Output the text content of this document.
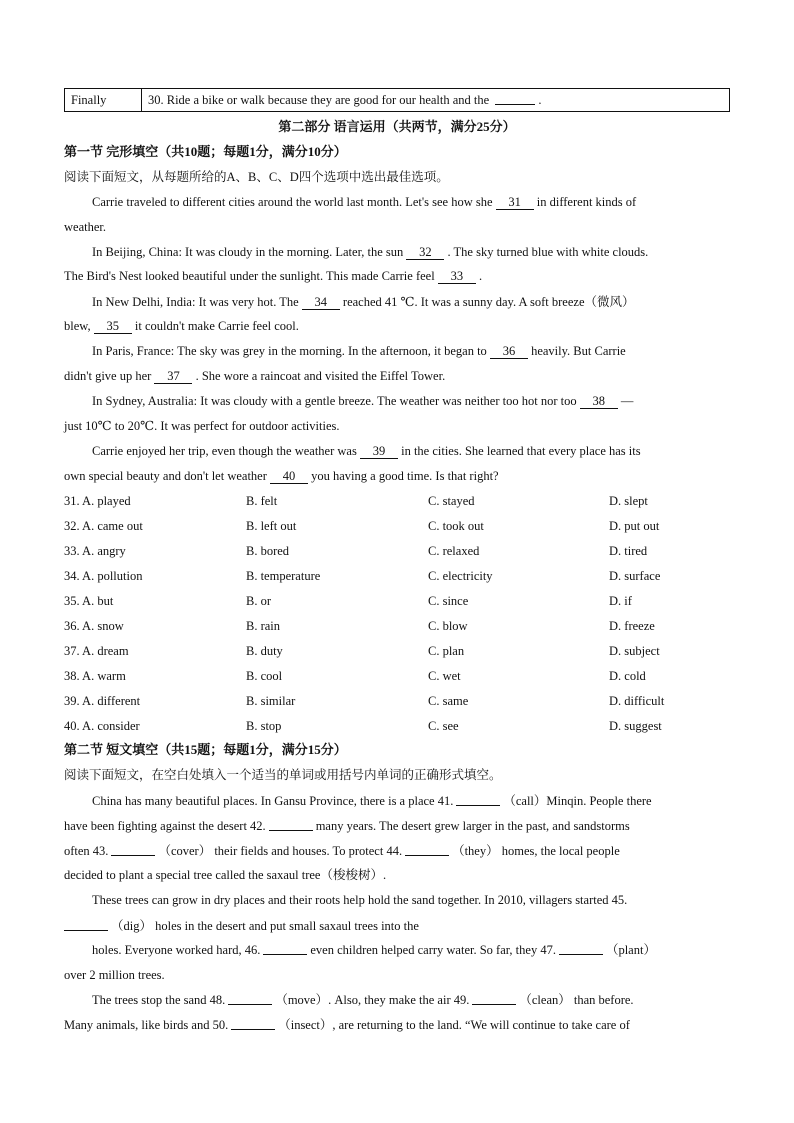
Finally	30. Ride a bike or walk because they are good for our health and the	.
第二部分 语言运用（共两节，满分25分）
第一节 完形填空（共10题；每题1分，满分10分）
阅读下面短文，从每题所给的A、B、C、D四个选项中选出最佳选项。
Carrie traveled to different cities around the world last month. Let's see how she 31 in different kinds of
weather.
In Beijing, China: It was cloudy in the morning. Later, the sun 32 . The sky turned blue with white clouds.
The Bird's Nest looked beautiful under the sunlight. This made Carrie feel 33 .
In New Delhi, India: It was very hot. The 34 reached 41 ℃. It was a sunny day. A soft breeze（微风）
blew, 35 it couldn't make Carrie feel cool.
In Paris, France: The sky was grey in the morning. In the afternoon, it began to 36 heavily. But Carrie
didn't give up her 37 . She wore a raincoat and visited the Eiffel Tower.
In Sydney, Australia: It was cloudy with a gentle breeze. The weather was neither too hot nor too 38 —
just 10℃ to 20℃. It was perfect for outdoor activities.
Carrie enjoyed her trip, even though the weather was 39 in the cities. She learned that every place has its
own special beauty and don't let weather 40 you having a good time. Is that right?
31. A. played	B. felt	C. stayed	D. slept
32. A. came out	B. left out	C. took out	D. put out
33. A. angry	B. bored	C. relaxed	D. tired
34. A. pollution	B. temperature	C. electricity	D. surface
35. A. but	B. or	C. since	D. if
36. A. snow	B. rain	C. blow	D. freeze
37. A. dream	B. duty	C. plan	D. subject
38. A. warm	B. cool	C. wet	D. cold
39. A. different	B. similar	C. same	D. difficult
40. A. consider	B. stop	C. see	D. suggest
第二节 短文填空（共15题；每题1分，满分15分）
阅读下面短文，在空白处填入一个适当的单词或用括号内单词的正确形式填空。
China has many beautiful places. In Gansu Province, there is a place 41.	（call）Minqin. People there
have been fighting against the desert 42.	many years. The desert grew larger in the past, and sandstorms
often 43.	（cover） their fields and houses. To protect 44.	（they） homes, the local people
decided to plant a special tree called the saxaul tree（梭梭树）.
These trees can grow in dry places and their roots help hold the sand together. In 2010, villagers started 45.
（dig） holes in the desert and put small saxaul trees into the
holes. Everyone worked hard, 46.	even children helped carry water. So far, they 47.	（plant）
over 2 million trees.
The trees stop the sand 48.	（move）. Also, they make the air 49.	（clean） than before.
Many animals, like birds and 50.	（insect）, are returning to the land. “We will continue to take care of
